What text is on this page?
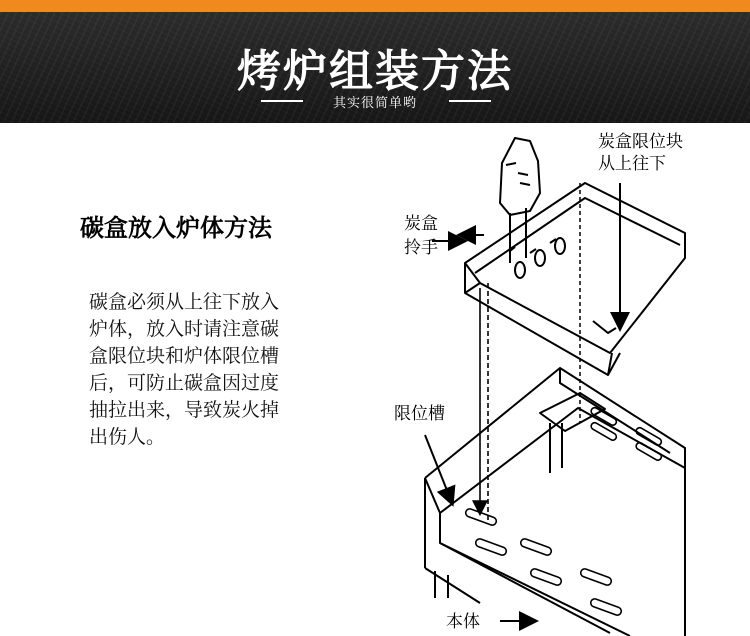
烤炉组装方法
其实很简单哟
碳盒放入炉体方法
碳盒必须从上往下放入
炉体，放入时请注意碳
盒限位块和炉体限位槽
后，可防止碳盒因过度
抽拉出来，导致炭火掉
出伤人。
炭盒限位块
从上往下
炭盒
拎手
限位槽
本体
